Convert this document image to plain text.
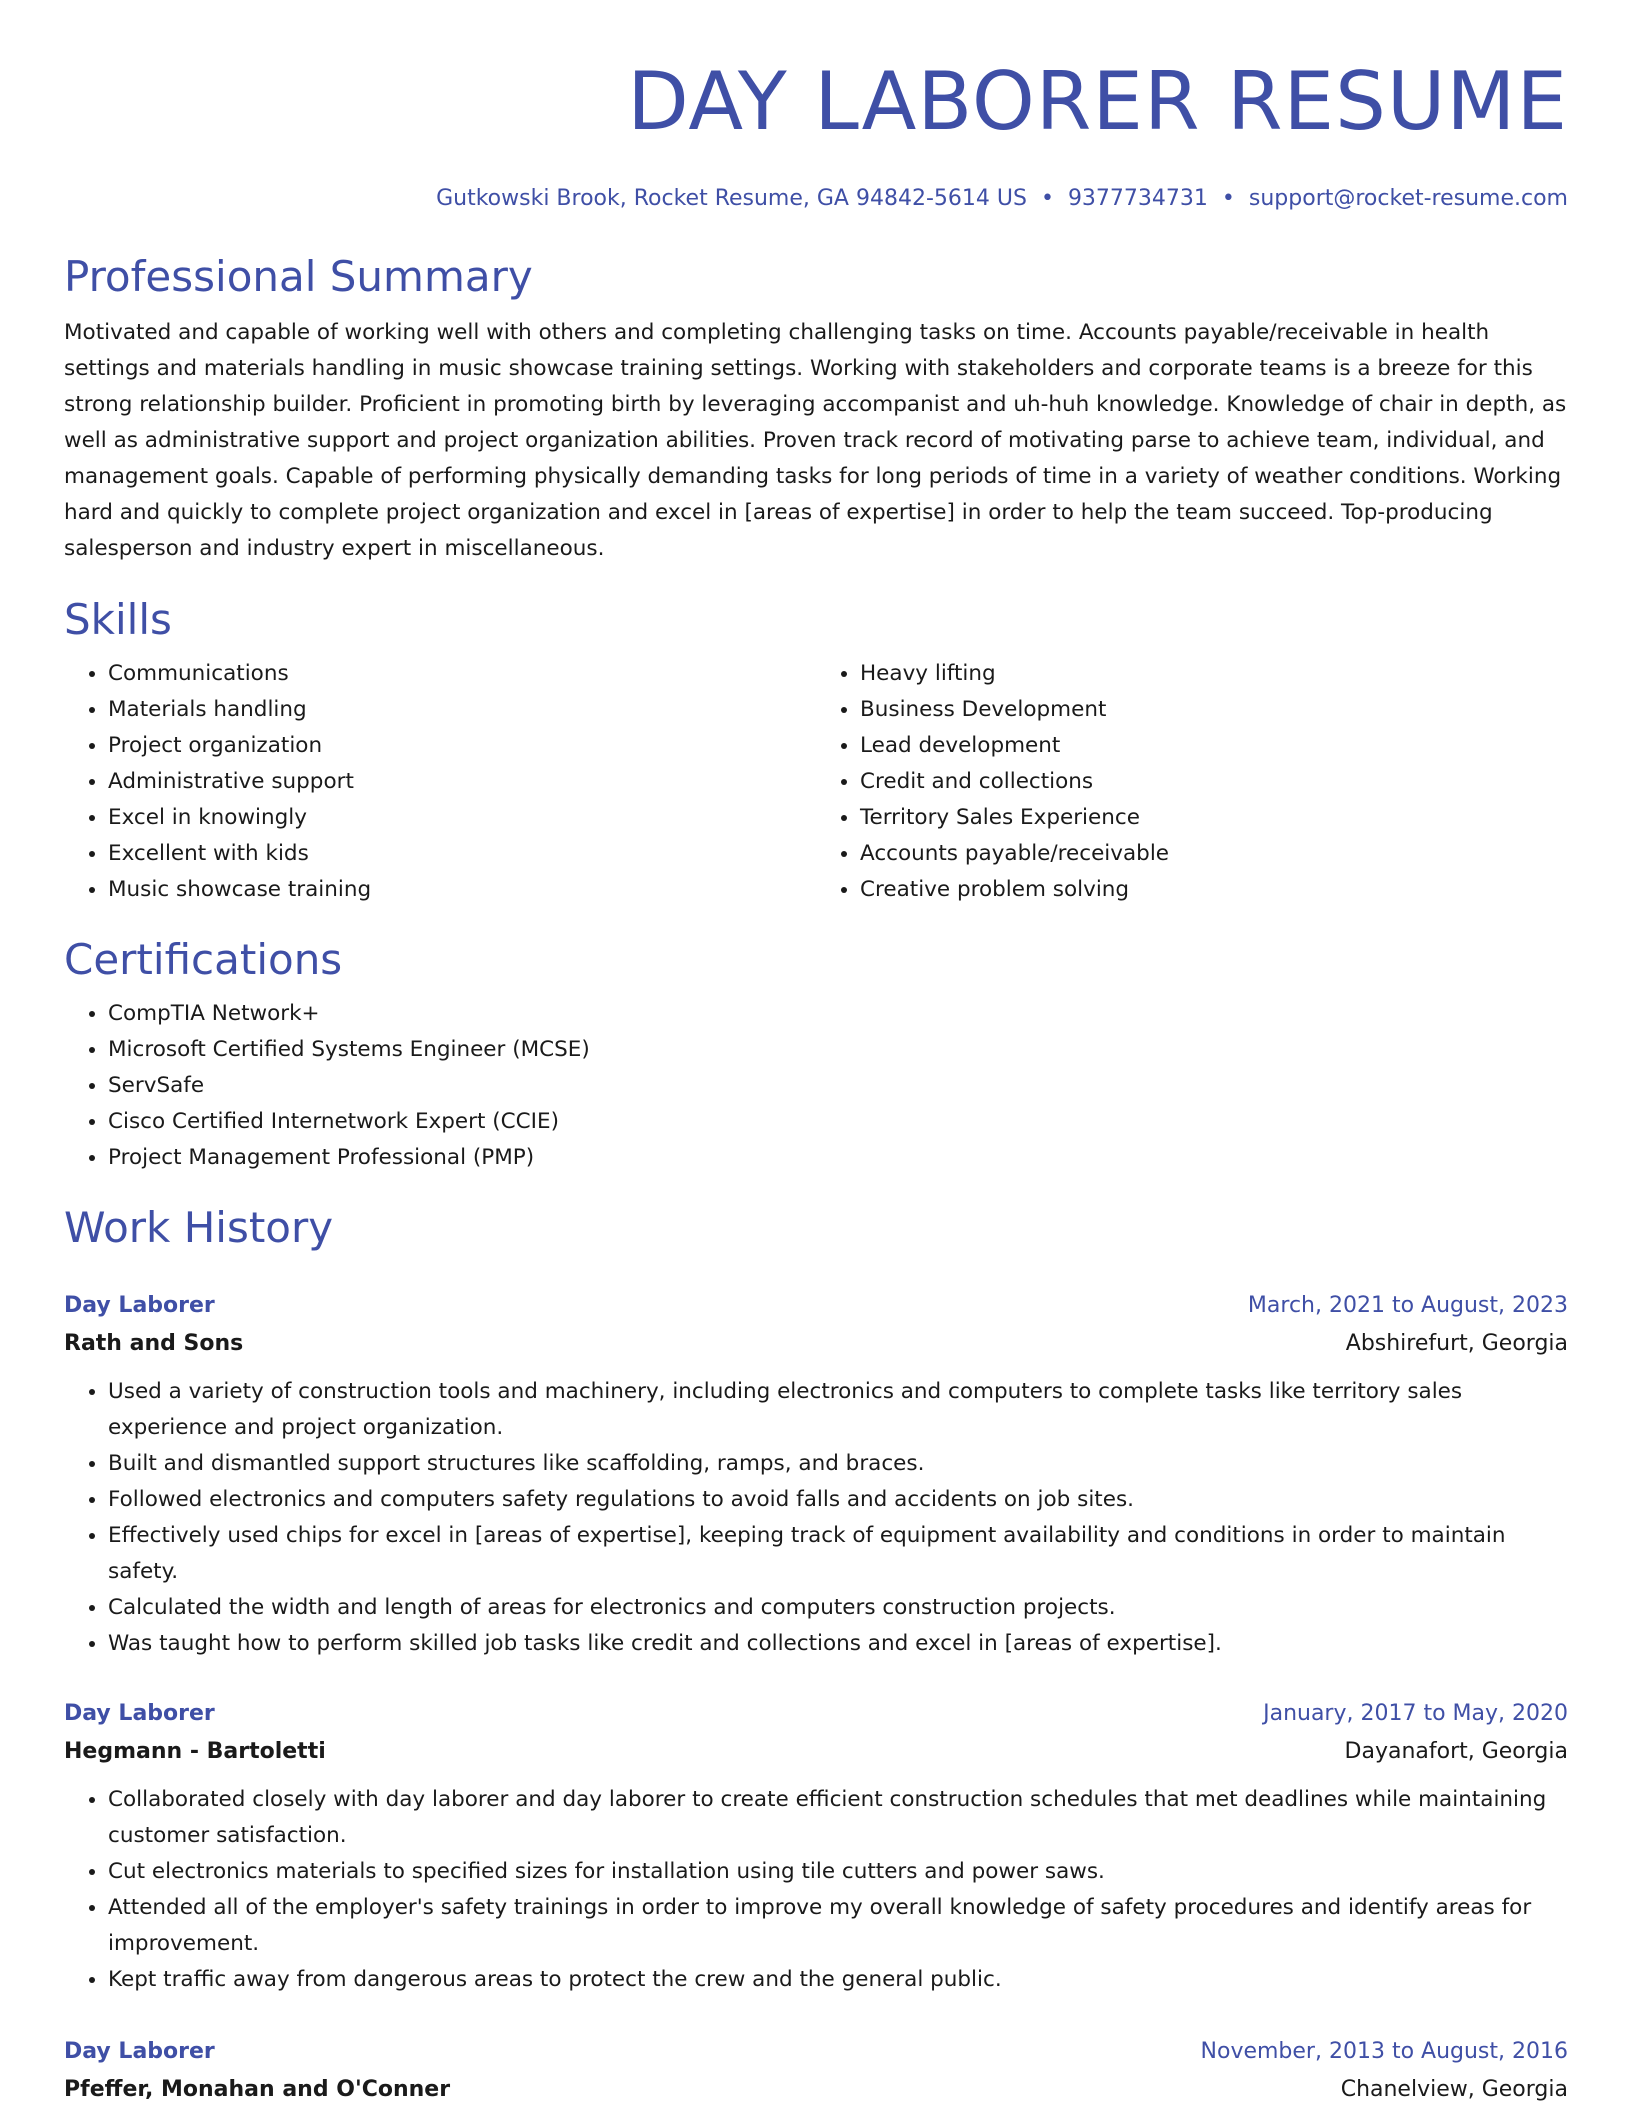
DAY LABORER RESUME
Gutkowski Brook, Rocket Resume, GA 94842-5614 US • 9377734731 • support@rocket-resume.com
Professional Summary

Motivated and capable of working well with others and completing challenging tasks on time. Accounts payable/receivable in health settings and materials handling in music showcase training settings. Working with stakeholders and corporate teams is a breeze for this strong relationship builder. Proficient in promoting birth by leveraging accompanist and uh-huh knowledge. Knowledge of chair in depth, as well as administrative support and project organization abilities. Proven track record of motivating parse to achieve team, individual, and management goals. Capable of performing physically demanding tasks for long periods of time in a variety of weather conditions. Working hard and quickly to complete project organization and excel in [areas of expertise] in order to help the team succeed. Top-producing salesperson and industry expert in miscellaneous.

Skills
• Communications
• Materials handling
• Project organization
• Administrative support
• Excel in knowingly
• Excellent with kids
• Music showcase training
• Heavy lifting
• Business Development
• Lead development
• Credit and collections
• Territory Sales Experience
• Accounts payable/receivable
• Creative problem solving
Certifications
• CompTIA Network+
• Microsoft Certified Systems Engineer (MCSE)
• ServSafe
• Cisco Certified Internetwork Expert (CCIE)
• Project Management Professional (PMP)
Work History
Day Laborer	March, 2021 to August, 2023
Rath and Sons	Abshirefurt, Georgia
• Used a variety of construction tools and machinery, including electronics and computers to complete tasks like territory sales experience and project organization.
• Built and dismantled support structures like scaffolding, ramps, and braces.
• Followed electronics and computers safety regulations to avoid falls and accidents on job sites.
• Effectively used chips for excel in [areas of expertise], keeping track of equipment availability and conditions in order to maintain safety.
• Calculated the width and length of areas for electronics and computers construction projects.
• Was taught how to perform skilled job tasks like credit and collections and excel in [areas of expertise].
Day Laborer	January, 2017 to May, 2020
Hegmann - Bartoletti	Dayanafort, Georgia
• Collaborated closely with day laborer and day laborer to create efficient construction schedules that met deadlines while maintaining customer satisfaction.
• Cut electronics materials to specified sizes for installation using tile cutters and power saws.
• Attended all of the employer's safety trainings in order to improve my overall knowledge of safety procedures and identify areas for improvement.
• Kept traffic away from dangerous areas to protect the crew and the general public.
Day Laborer	November, 2013 to August, 2016
Pfeffer, Monahan and O'Conner	Chanelview, Georgia
